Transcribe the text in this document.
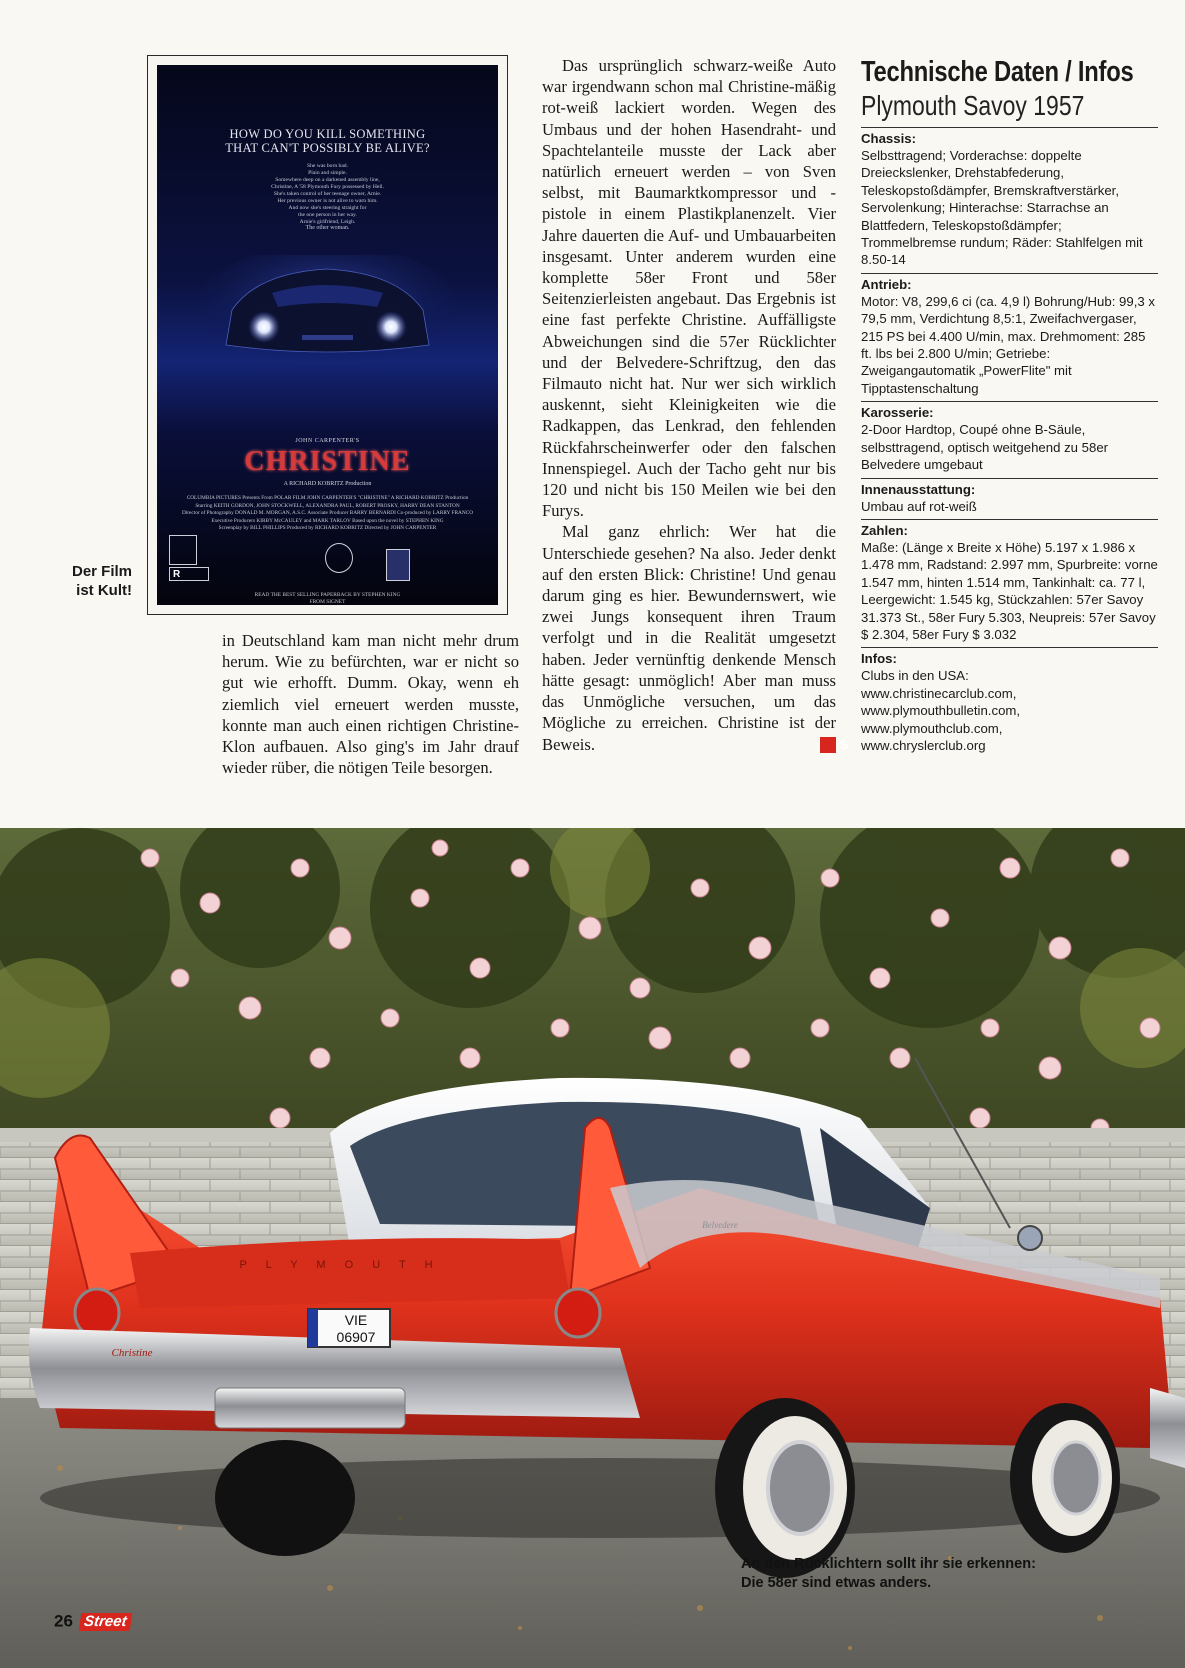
HOW DO YOU KILL SOMETHING
THAT CAN'T POSSIBLY BE ALIVE?
She was born bad.
Plain and simple.
Somewhere deep on a darkened assembly line,
Christine, A '58 Plymouth Fury possessed by Hell.
She's taken control of her teenage owner, Arnie.
Her previous owner is not alive to warn him.
And now she's steering straight for
the one person in her way.
Arnie's girlfriend, Leigh.
The other woman.
JOHN CARPENTER'S
CHRISTINE
A RICHARD KOBRITZ Production
COLUMBIA PICTURES Presents From POLAR FILM JOHN CARPENTER'S "CHRISTINE" A RICHARD KOBRITZ Production
Starring KEITH GORDON, JOHN STOCKWELL, ALEXANDRA PAUL, ROBERT PROSKY, HARRY DEAN STANTON
Director of Photography DONALD M. MORGAN, A.S.C. Associate Producer BARRY BERNARDI Co-produced by LARRY FRANCO
Executive Producers KIRBY McCAULEY and MARK TARLOV Based upon the novel by STEPHEN KING
Screenplay by BILL PHILLIPS Produced by RICHARD KOBRITZ Directed by JOHN CARPENTER
R
READ THE BEST SELLING PAPERBACK BY STEPHEN KING
FROM SIGNET
Der Film
ist Kult!

in Deutschland kam man nicht mehr drum herum. Wie zu befürchten, war er nicht so gut wie erhofft. Dumm. Okay, wenn eh ziemlich viel erneuert werden musste, konnte man auch einen richtigen Christine-Klon aufbauen. Also ging's im Jahr drauf wieder rüber, die nötigen Teile besorgen.

Das ursprünglich schwarz-weiße Auto war irgendwann schon mal Christine-mäßig rot-weiß lackiert worden. Wegen des Umbaus und der hohen Hasendraht- und Spachtelanteile musste der Lack aber natürlich erneuert werden – von Sven selbst, mit Baumarktkompressor und -pistole in einem Plastikplanenzelt. Vier Jahre dauerten die Auf- und Umbauarbeiten insgesamt. Unter anderem wurden eine komplette 58er Front und 58er Seitenzierleisten angebaut. Das Ergebnis ist eine fast perfekte Christine. Auffälligste Abweichungen sind die 57er Rücklichter und der Belvedere-Schriftzug, den das Filmauto nicht hat. Nur wer sich wirklich auskennt, sieht Kleinigkeiten wie die Radkappen, das Lenkrad, den fehlenden Rückfahrscheinwerfer oder den falschen Innenspiegel. Auch der Tacho geht nur bis 120 und nicht bis 150 Meilen wie bei den Furys.

Mal ganz ehrlich: Wer hat die Unterschiede gesehen? Na also. Jeder denkt auf den ersten Blick: Christine! Und genau darum ging es hier. Bewundernswert, wie zwei Jungs konsequent ihren Traum verfolgt und in die Realität umgesetzt haben. Jeder vernünftig denkende Mensch hätte gesagt: unmöglich! Aber man muss das Unmögliche versuchen, um das Mögliche zu erreichen. Christine ist der Beweis.	S

Technische Daten / Infos
Plymouth Savoy 1957
Chassis:
Selbsttragend; Vorderachse: doppelte Dreieckslenker, Drehstabfederung, Teleskopstoßdämpfer, Bremskraftverstärker, Servolenkung; Hinterachse: Starrachse an Blattfedern, Teleskopstoßdämpfer; Trommelbremse rundum; Räder: Stahlfelgen mit 8.50-14
Antrieb:
Motor: V8, 299,6 ci (ca. 4,9 l) Bohrung/Hub: 99,3 x 79,5 mm, Verdichtung 8,5:1, Zweifachvergaser, 215 PS bei 4.400 U/min, max. Drehmoment: 285 ft. lbs bei 2.800 U/min; Getriebe: Zweigangautomatik „PowerFlite" mit Tipptastenschaltung
Karosserie:
2-Door Hardtop, Coupé ohne B-Säule, selbsttragend, optisch weitgehend zu 58er Belvedere umgebaut
Innenausstattung:
Umbau auf rot-weiß
Zahlen:
Maße: (Länge x Breite x Höhe) 5.197 x 1.986 x 1.478 mm, Radstand: 2.997 mm, Spurbreite: vorne 1.547 mm, hinten 1.514 mm, Tankinhalt: ca. 77 l, Leergewicht: 1.545 kg, Stückzahlen: 57er Savoy 31.373 St., 58er Fury 5.303, Neupreis: 57er Savoy $ 2.304, 58er Fury $ 3.032
Infos:
Clubs in den USA:
www.christinecarclub.com,
www.plymouthbulletin.com,
www.plymouthclub.com,
www.chryslerclub.org
VIE
06907
P L Y M O U T H
Christine
Belvedere
An den Rücklichtern sollt ihr sie erkennen:
Die 58er sind etwas anders.
26 Street
